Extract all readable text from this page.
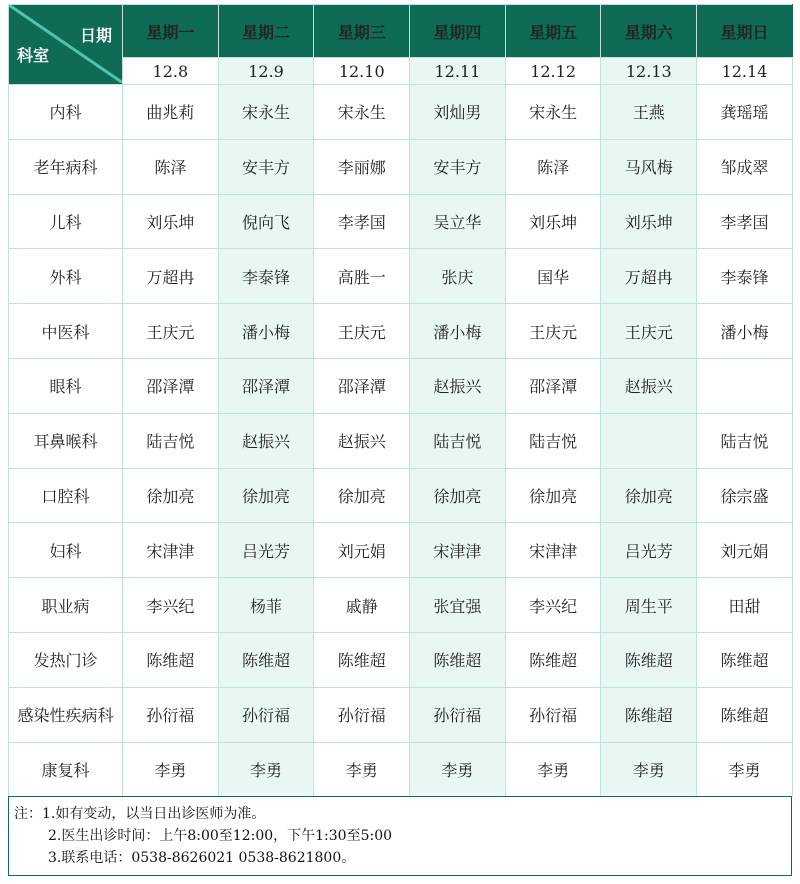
日期
科室	星期一	星期二	星期三	星期四	星期五	星期六	星期日
	12.8	12.9	12.10	12.11	12.12	12.13	12.14
内科	曲兆莉	宋永生	宋永生	刘灿男	宋永生	王燕	龚瑶瑶
老年病科	陈泽	安丰方	李丽娜	安丰方	陈泽	马风梅	邹成翠
儿科	刘乐坤	倪向飞	李孝国	吴立华	刘乐坤	刘乐坤	李孝国
外科	万超冉	李泰锋	高胜一	张庆	国华	万超冉	李泰锋
中医科	王庆元	潘小梅	王庆元	潘小梅	王庆元	王庆元	潘小梅
眼科	邵泽潭	邵泽潭	邵泽潭	赵振兴	邵泽潭	赵振兴	
耳鼻喉科	陆吉悦	赵振兴	赵振兴	陆吉悦	陆吉悦		陆吉悦
口腔科	徐加亮	徐加亮	徐加亮	徐加亮	徐加亮	徐加亮	徐宗盛
妇科	宋津津	吕光芳	刘元娟	宋津津	宋津津	吕光芳	刘元娟
职业病	李兴纪	杨菲	戚静	张宜强	李兴纪	周生平	田甜
发热门诊	陈维超	陈维超	陈维超	陈维超	陈维超	陈维超	陈维超
感染性疾病科	孙衍福	孙衍福	孙衍福	孙衍福	孙衍福	陈维超	陈维超
康复科	李勇	李勇	李勇	李勇	李勇	李勇	李勇
注：1.如有变动，以当日出诊医师为准。
2.医生出诊时间：上午8:00至12:00，下午1:30至5:00
3.联系电话：0538-8626021 0538-8621800。
